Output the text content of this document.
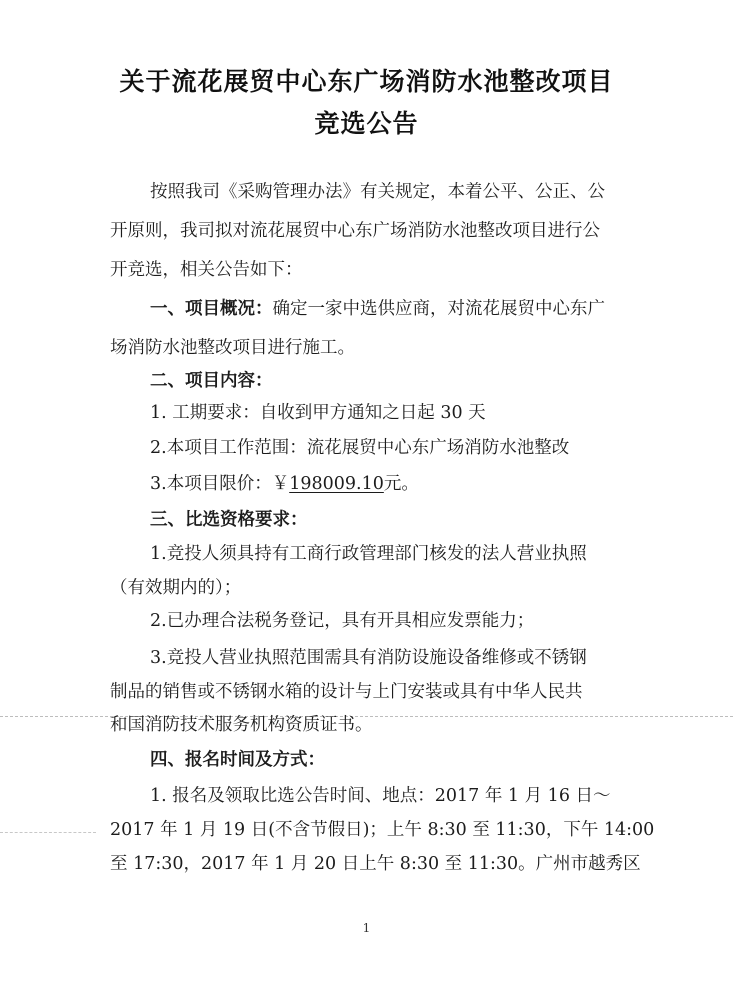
关于流花展贸中心东广场消防水池整改项目
竞选公告
按照我司《采购管理办法》有关规定，本着公平、公正、公
开原则，我司拟对流花展贸中心东广场消防水池整改项目进行公
开竞选，相关公告如下：
一、项目概况：确定一家中选供应商，对流花展贸中心东广
场消防水池整改项目进行施工。
二、项目内容：
1. 工期要求：自收到甲方通知之日起 30 天
2.本项目工作范围：流花展贸中心东广场消防水池整改
3.本项目限价：￥198009.10元。
三、比选资格要求：
1.竞投人须具持有工商行政管理部门核发的法人营业执照
（有效期内的）；
2.已办理合法税务登记，具有开具相应发票能力；
3.竞投人营业执照范围需具有消防设施设备维修或不锈钢
制品的销售或不锈钢水箱的设计与上门安装或具有中华人民共
和国消防技术服务机构资质证书。
四、报名时间及方式：
1. 报名及领取比选公告时间、地点：2017 年 1 月 16 日～
2017 年 1 月 19 日(不含节假日)；上午 8:30 至 11:30，下午 14:00
至 17:30，2017 年 1 月 20 日上午 8:30 至 11:30。广州市越秀区
1
